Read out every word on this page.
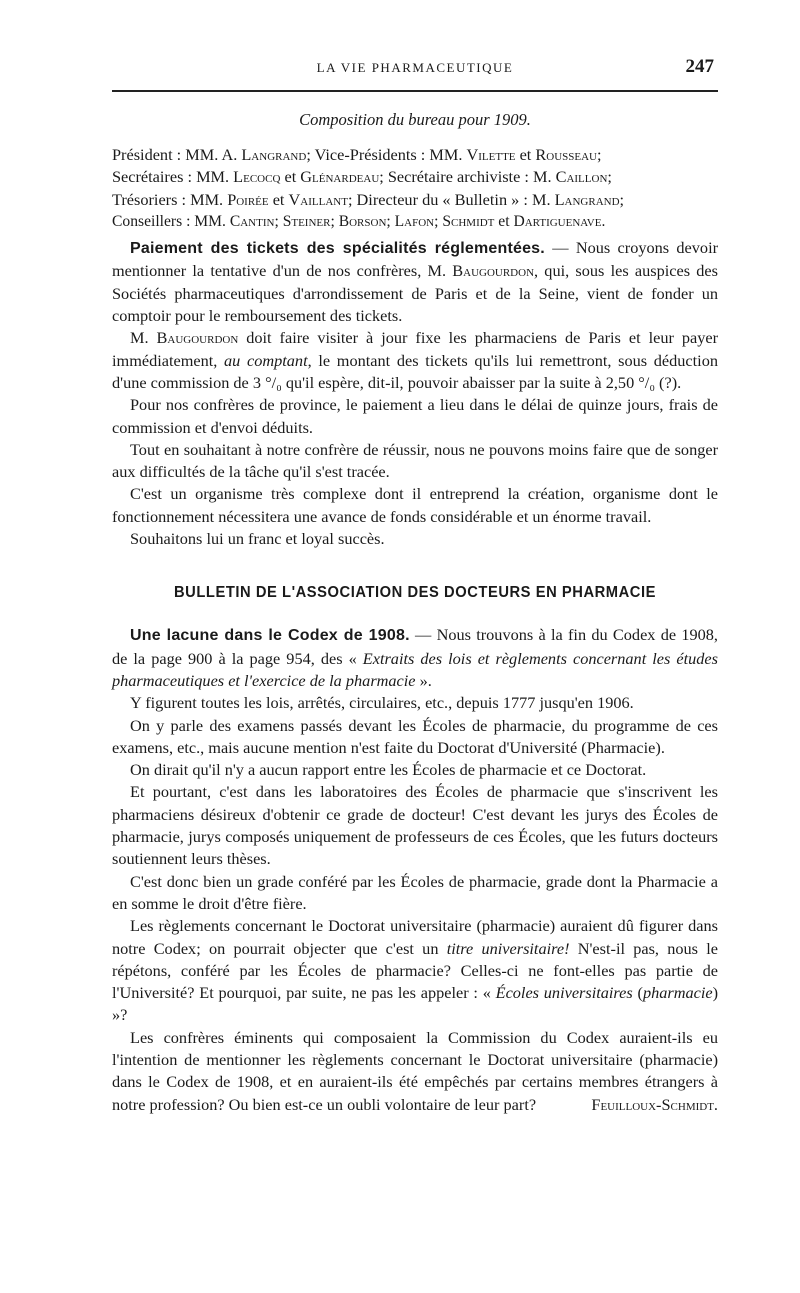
LA VIE PHARMACEUTIQUE	247
Composition du bureau pour 1909.

Président : MM. A. Langrand; Vice-Présidents : MM. Vilette et Rousseau;

Secrétaires : MM. Lecocq et Glénardeau; Secrétaire archiviste : M. Caillon;

Trésoriers : MM. Poirée et Vaillant; Directeur du « Bulletin » : M. Langrand;

Conseillers : MM. Cantin; Steiner; Borson; Lafon; Schmidt et Dartiguenave.

Paiement des tickets des spécialités réglementées. — Nous croyons devoir mentionner la tentative d'un de nos confrères, M. Baugourdon, qui, sous les auspices des Sociétés pharmaceutiques d'arrondissement de Paris et de la Seine, vient de fonder un comptoir pour le remboursement des tickets.

M. Baugourdon doit faire visiter à jour fixe les pharmaciens de Paris et leur payer immédiatement, au comptant, le montant des tickets qu'ils lui remettront, sous déduction d'une commission de 3 °/₀ qu'il espère, dit-il, pouvoir abaisser par la suite à 2,50 °/₀ (?).

Pour nos confrères de province, le paiement a lieu dans le délai de quinze jours, frais de commission et d'envoi déduits.

Tout en souhaitant à notre confrère de réussir, nous ne pouvons moins faire que de songer aux difficultés de la tâche qu'il s'est tracée.

C'est un organisme très complexe dont il entreprend la création, organisme dont le fonctionnement nécessitera une avance de fonds considérable et un énorme travail.

Souhaitons lui un franc et loyal succès.

BULLETIN DE L'ASSOCIATION DES DOCTEURS EN PHARMACIE

Une lacune dans le Codex de 1908. — Nous trouvons à la fin du Codex de 1908, de la page 900 à la page 954, des « Extraits des lois et règlements concernant les études pharmaceutiques et l'exercice de la pharmacie ».

Y figurent toutes les lois, arrêtés, circulaires, etc., depuis 1777 jusqu'en 1906.

On y parle des examens passés devant les Écoles de pharmacie, du programme de ces examens, etc., mais aucune mention n'est faite du Doctorat d'Université (Pharmacie).

On dirait qu'il n'y a aucun rapport entre les Écoles de pharmacie et ce Doctorat.

Et pourtant, c'est dans les laboratoires des Écoles de pharmacie que s'inscrivent les pharmaciens désireux d'obtenir ce grade de docteur! C'est devant les jurys des Écoles de pharmacie, jurys composés uniquement de professeurs de ces Écoles, que les futurs docteurs soutiennent leurs thèses.

C'est donc bien un grade conféré par les Écoles de pharmacie, grade dont la Pharmacie a en somme le droit d'être fière.

Les règlements concernant le Doctorat universitaire (pharmacie) auraient dû figurer dans notre Codex; on pourrait objecter que c'est un titre universitaire! N'est-il pas, nous le répétons, conféré par les Écoles de pharmacie? Celles-ci ne font-elles pas partie de l'Université? Et pourquoi, par suite, ne pas les appeler : « Écoles universitaires (pharmacie) »?

Les confrères éminents qui composaient la Commission du Codex auraient-ils eu l'intention de mentionner les règlements concernant le Doctorat universitaire (pharmacie) dans le Codex de 1908, et en auraient-ils été empêchés par certains membres étrangers à notre profession? Ou bien est-ce un oubli volontaire de leur part?	Feuilloux-Schmidt.
